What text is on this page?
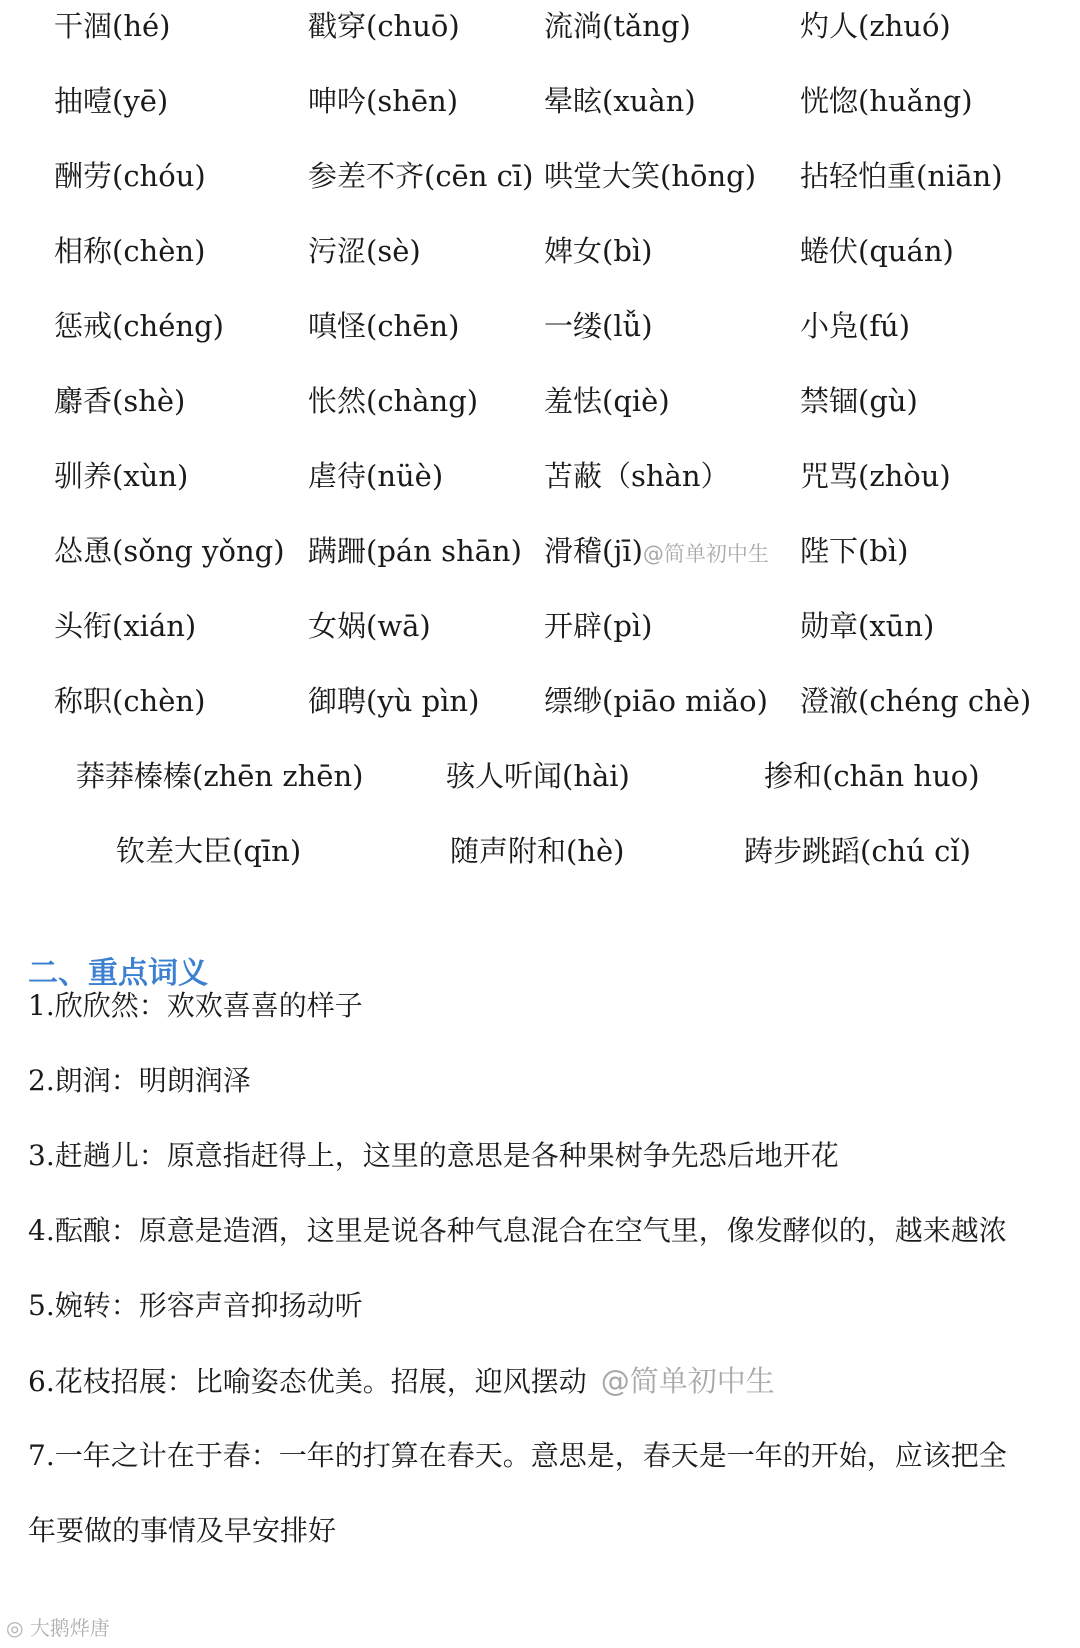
干涸(hé)	戳穿(chuō)	流淌(tǎng)	灼人(zhuó)
抽噎(yē)	呻吟(shēn)	晕眩(xuàn)	恍惚(huǎng)
酬劳(chóu)	参差不齐(cēn cī) 哄堂大笑(hōng) 拈轻怕重(niān)
相称(chèn)	污涩(sè)	婢女(bì)	蜷伏(quán)
惩戒(chéng)	嗔怪(chēn)	一缕(lǚ)	小凫(fú)
麝香(shè)	怅然(chàng) 羞怯(qiè)	禁锢(gù)
驯养(xùn)	虐待(nüè)	苫蔽（shàn） 咒骂(zhòu)
怂恿(sǒng yǒng) 蹒跚(pán shān) 滑稽(jī)@简单初中生 陛下(bì)
头衔(xián)	女娲(wā)	开辟(pì)	勋章(xūn)
称职(chèn)	御聘(yù pìn) 缥缈(piāo miǎo) 澄澈(chéng chè)
莽莽榛榛(zhēn zhēn)	骇人听闻(hài)	掺和(chān huo)
钦差大臣(qīn)	随声附和(hè)	踌步跳蹈(chú cǐ)
二、重点词义
1.欣欣然：欢欢喜喜的样子
2.朗润：明朗润泽
3.赶趟儿：原意指赶得上，这里的意思是各种果树争先恐后地开花
4.酝酿：原意是造酒，这里是说各种气息混合在空气里，像发酵似的，越来越浓
5.婉转：形容声音抑扬动听
6.花枝招展：比喻姿态优美。招展，迎风摆动 @简单初中生
7.一年之计在于春：一年的打算在春天。意思是，春天是一年的开始，应该把全
年要做的事情及早安排好
◎ 大鹅烨唐
